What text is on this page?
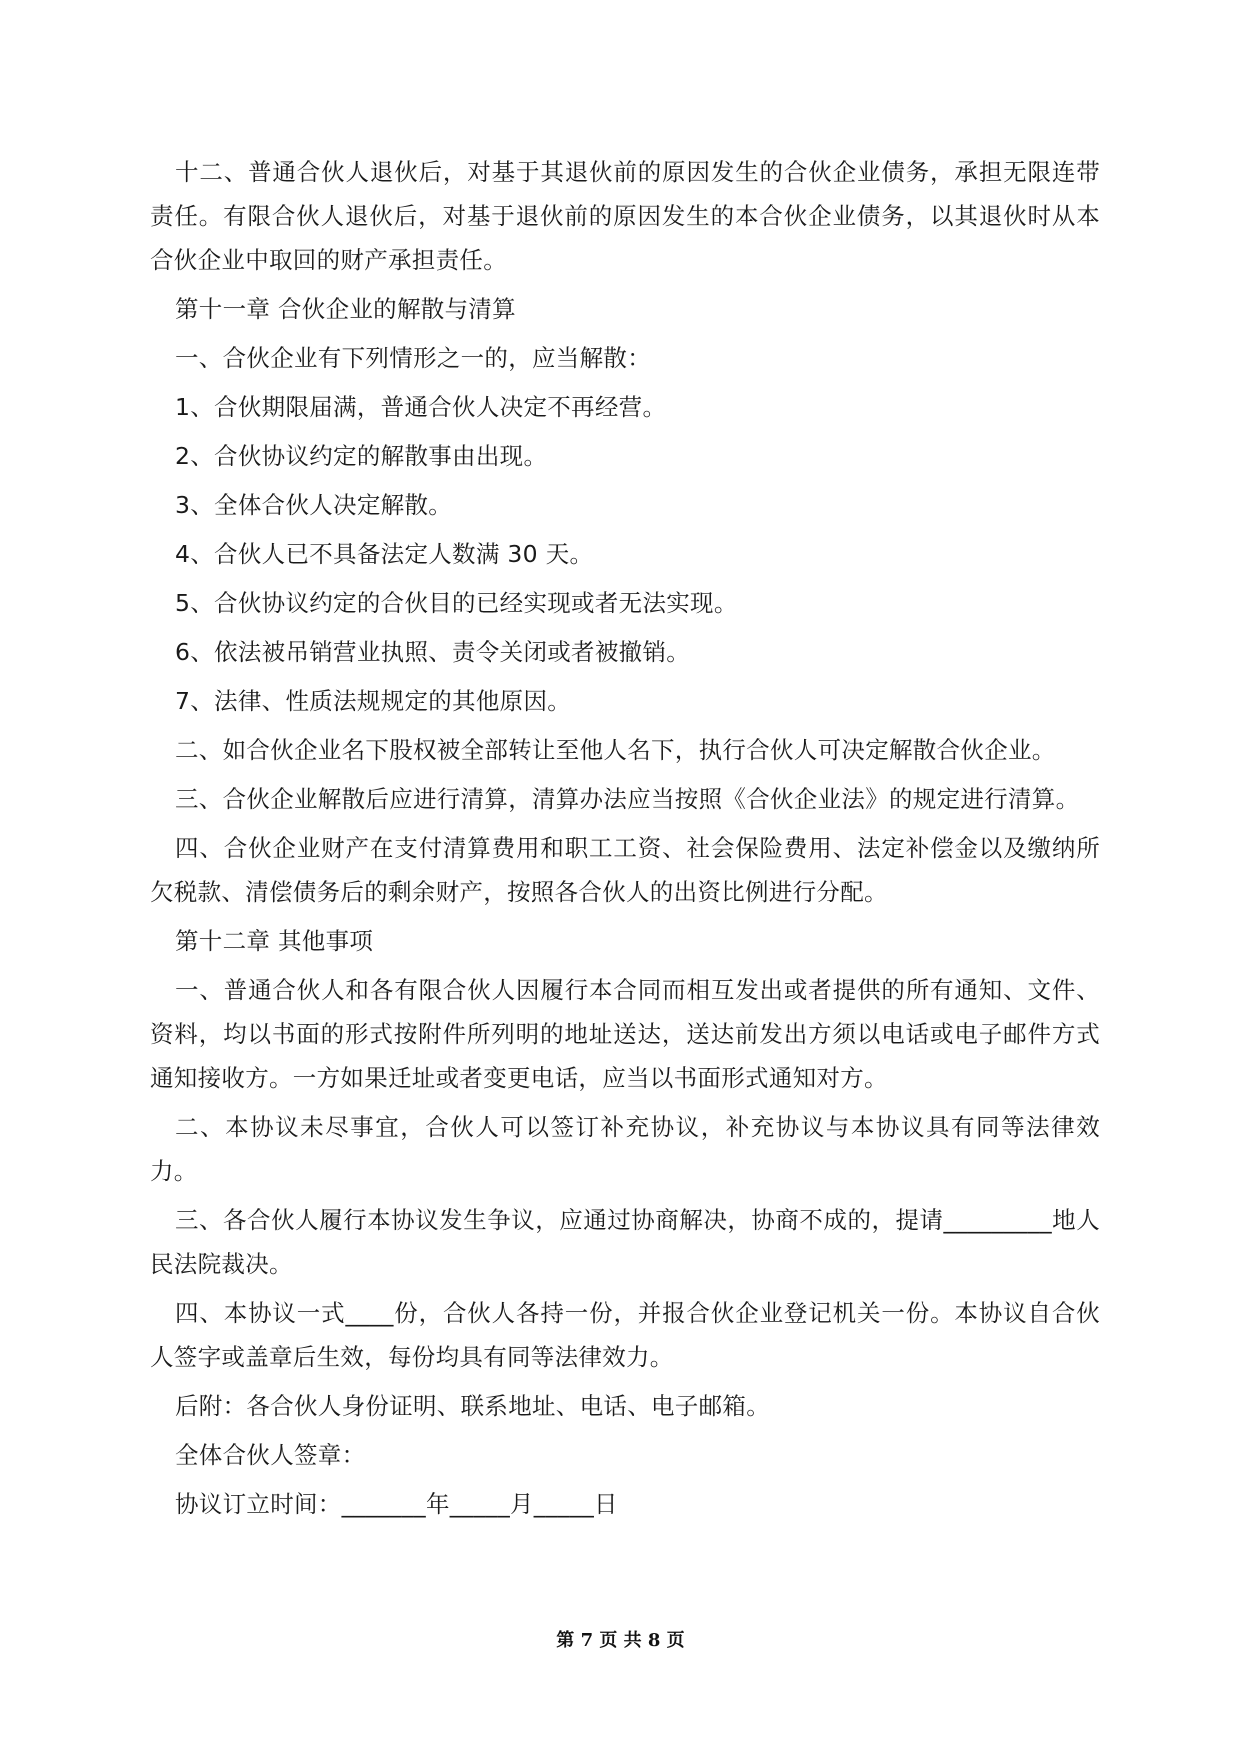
十二、普通合伙人退伙后，对基于其退伙前的原因发生的合伙企业债务，承担无限连带责任。有限合伙人退伙后，对基于退伙前的原因发生的本合伙企业债务，以其退伙时从本合伙企业中取回的财产承担责任。

第十一章 合伙企业的解散与清算

一、合伙企业有下列情形之一的，应当解散：

1、合伙期限届满，普通合伙人决定不再经营。

2、合伙协议约定的解散事由出现。

3、全体合伙人决定解散。

4、合伙人已不具备法定人数满 30 天。

5、合伙协议约定的合伙目的已经实现或者无法实现。

6、依法被吊销营业执照、责令关闭或者被撤销。

7、法律、性质法规规定的其他原因。

二、如合伙企业名下股权被全部转让至他人名下，执行合伙人可决定解散合伙企业。

三、合伙企业解散后应进行清算，清算办法应当按照《合伙企业法》的规定进行清算。

四、合伙企业财产在支付清算费用和职工工资、社会保险费用、法定补偿金以及缴纳所欠税款、清偿债务后的剩余财产，按照各合伙人的出资比例进行分配。

第十二章 其他事项

一、普通合伙人和各有限合伙人因履行本合同而相互发出或者提供的所有通知、文件、资料，均以书面的形式按附件所列明的地址送达，送达前发出方须以电话或电子邮件方式通知接收方。一方如果迁址或者变更电话，应当以书面形式通知对方。

二、本协议未尽事宜，合伙人可以签订补充协议，补充协议与本协议具有同等法律效力。

三、各合伙人履行本协议发生争议，应通过协商解决，协商不成的，提请_________地人民法院裁决。

四、本协议一式____份，合伙人各持一份，并报合伙企业登记机关一份。本协议自合伙人签字或盖章后生效，每份均具有同等法律效力。

后附：各合伙人身份证明、联系地址、电话、电子邮箱。

全体合伙人签章：

协议订立时间：_______年_____月_____日

第 7 页 共 8 页
